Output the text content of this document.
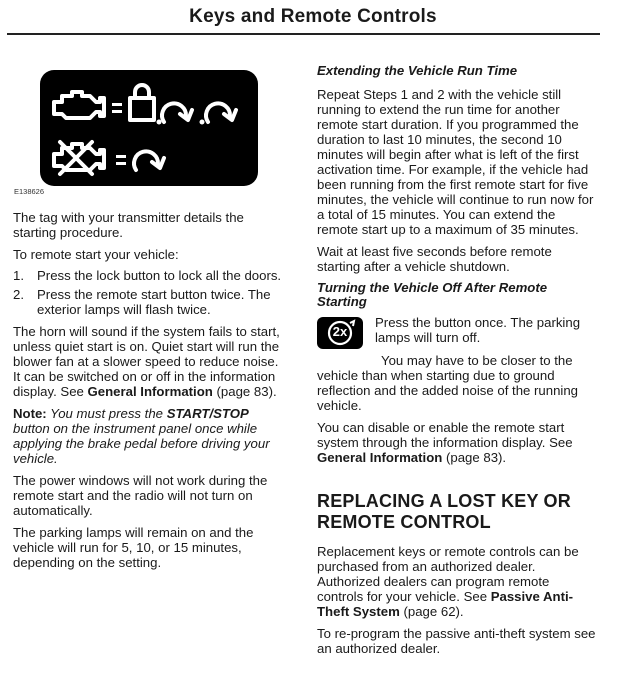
Keys and Remote Controls
E138626

The tag with your transmitter details the starting procedure.

To remote start your vehicle:

1. Press the lock button to lock all the doors.
2. Press the remote start button twice. The exterior lamps will flash twice.

The horn will sound if the system fails to start, unless quiet start is on. Quiet start will run the blower fan at a slower speed to reduce noise. It can be switched on or off in the information display. See General Information (page 83).

Note: You must press the START/STOP button on the instrument panel once while applying the brake pedal before driving your vehicle.

The power windows will not work during the remote start and the radio will not turn on automatically.

The parking lamps will remain on and the vehicle will run for 5, 10, or 15 minutes, depending on the setting.

Extending the Vehicle Run Time

Repeat Steps 1 and 2 with the vehicle still running to extend the run time for another remote start duration. If you programmed the duration to last 10 minutes, the second 10 minutes will begin after what is left of the first activation time. For example, if the vehicle had been running from the first remote start for five minutes, the vehicle will continue to run now for a total of 15 minutes. You can extend the remote start up to a maximum of 35 minutes.

Wait at least five seconds before remote starting after a vehicle shutdown.

Turning the Vehicle Off After Remote Starting
2x

Press the button once. The parking lamps will turn off.

You may have to be closer to the vehicle than when starting due to ground reflection and the added noise of the running vehicle.

You can disable or enable the remote start system through the information display. See General Information (page 83).

REPLACING A LOST KEY OR REMOTE CONTROL

Replacement keys or remote controls can be purchased from an authorized dealer. Authorized dealers can program remote controls for your vehicle. See Passive Anti-Theft System (page 62).

To re-program the passive anti-theft system see an authorized dealer.
